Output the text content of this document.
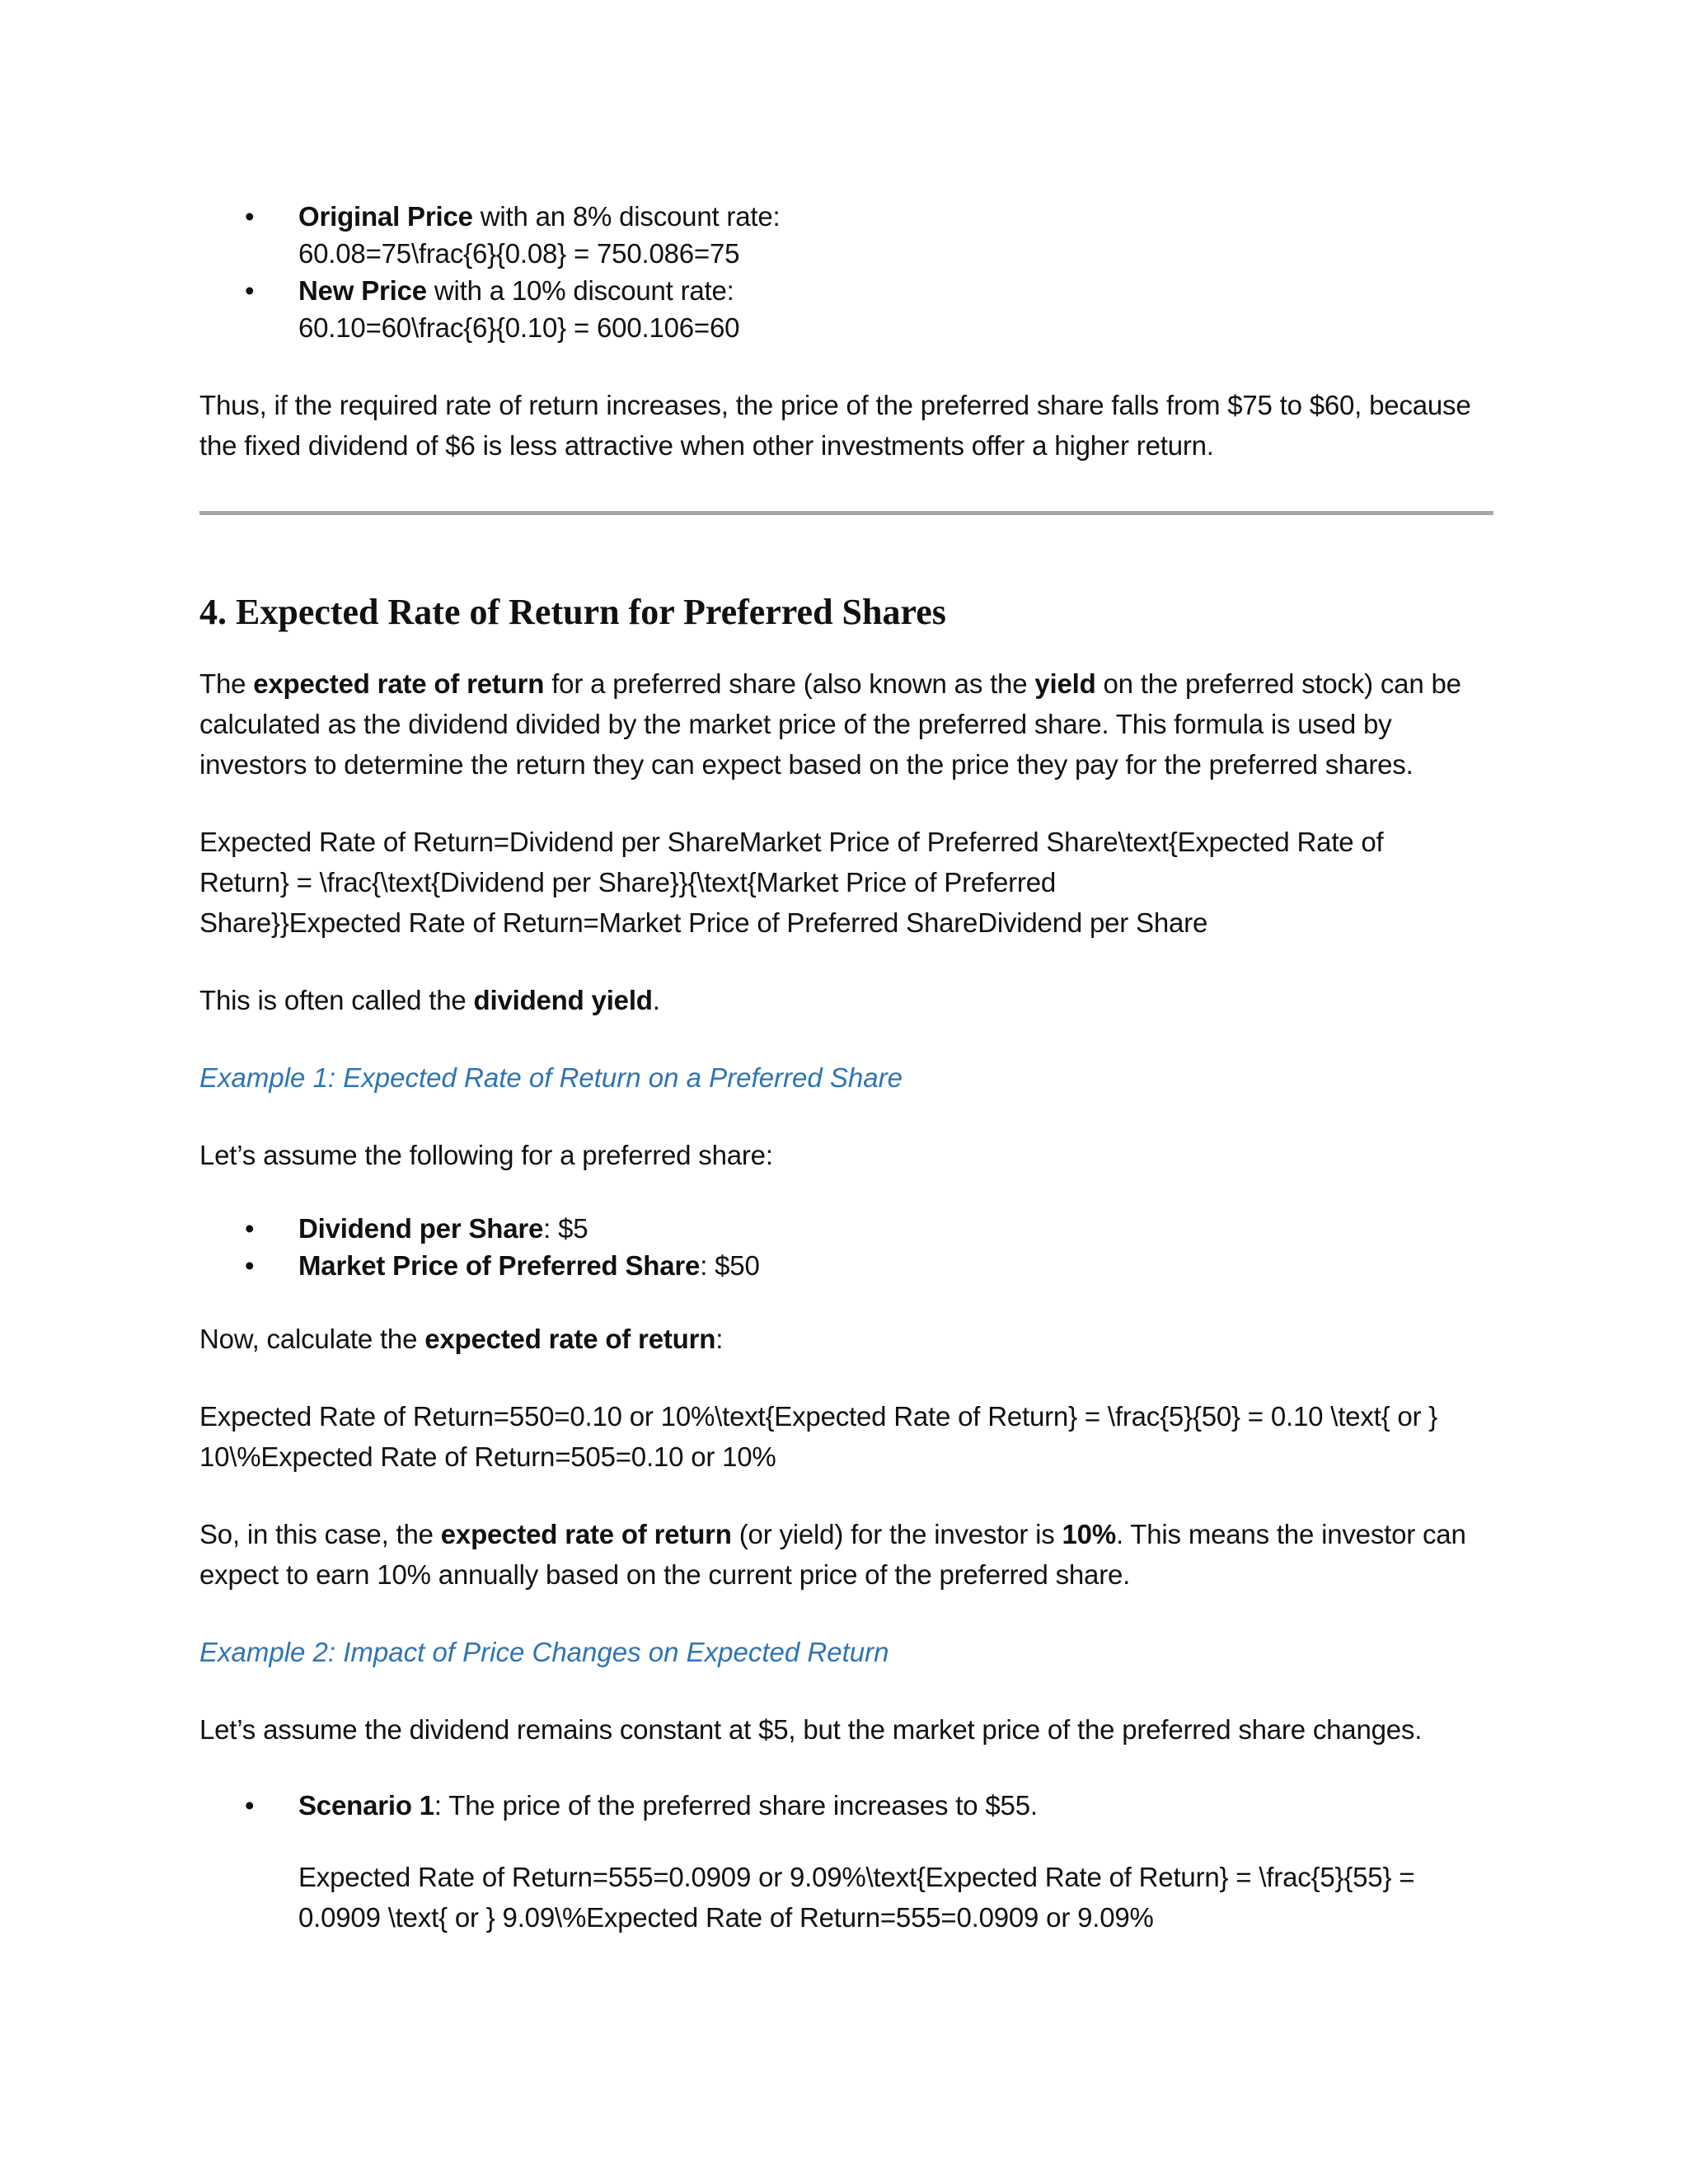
• Original Price with an 8% discount rate:
60.08=75\frac{6}{0.08} = 750.086=75
• New Price with a 10% discount rate:
60.10=60\frac{6}{0.10} = 600.106=60

Thus, if the required rate of return increases, the price of the preferred share falls from $75 to $60, because the fixed dividend of $6 is less attractive when other investments offer a higher return.

4. Expected Rate of Return for Preferred Shares

The expected rate of return for a preferred share (also known as the yield on the preferred stock) can be calculated as the dividend divided by the market price of the preferred share. This formula is used by investors to determine the return they can expect based on the price they pay for the preferred shares.

Expected Rate of Return=Dividend per ShareMarket Price of Preferred Share\text{Expected Rate of
Return} = \frac{\text{Dividend per Share}}{\text{Market Price of Preferred
Share}}Expected Rate of Return=Market Price of Preferred ShareDividend per Share

This is often called the dividend yield.

Example 1: Expected Rate of Return on a Preferred Share

Let’s assume the following for a preferred share:

• Dividend per Share: $5
• Market Price of Preferred Share: $50

Now, calculate the expected rate of return:

Expected Rate of Return=550=0.10 or 10%\text{Expected Rate of Return} = \frac{5}{50} = 0.10 \text{ or }
10\%Expected Rate of Return=505=0.10 or 10%

So, in this case, the expected rate of return (or yield) for the investor is 10%. This means the investor can expect to earn 10% annually based on the current price of the preferred share.

Example 2: Impact of Price Changes on Expected Return

Let’s assume the dividend remains constant at $5, but the market price of the preferred share changes.

• Scenario 1: The price of the preferred share increases to $55.

Expected Rate of Return=555=0.0909 or 9.09%\text{Expected Rate of Return} = \frac{5}{55} =
0.0909 \text{ or } 9.09\%Expected Rate of Return=555=0.0909 or 9.09%
